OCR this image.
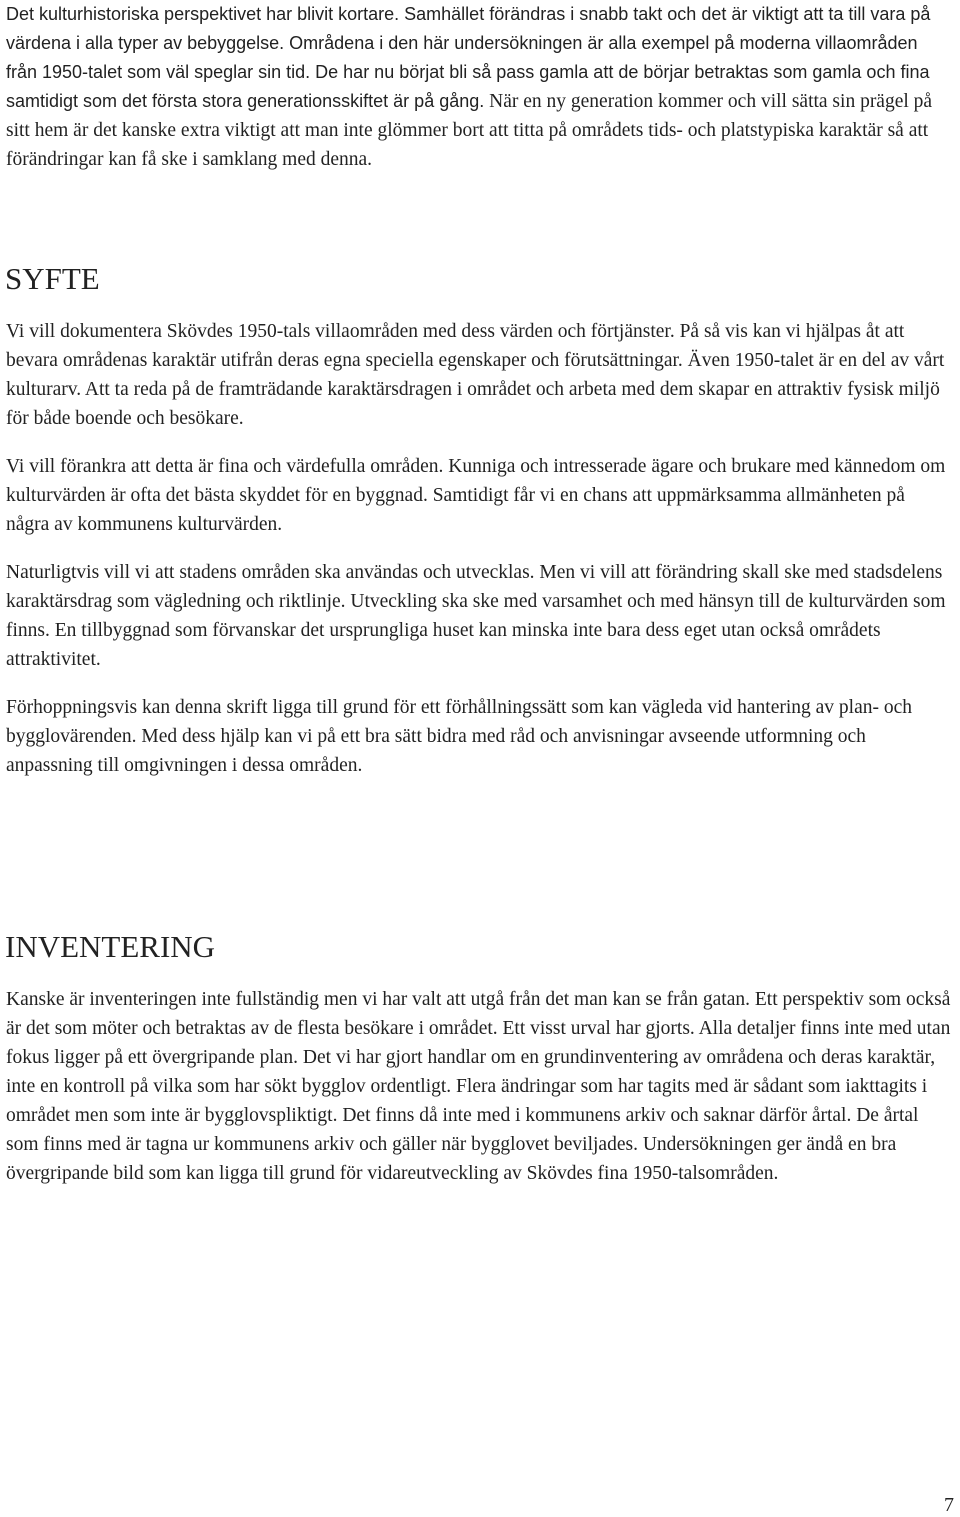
Det kulturhistoriska perspektivet har blivit kortare. Samhället förändras i snabb takt och det är viktigt att ta till vara på värdena i alla typer av bebyggelse. Områdena i den här undersökningen är alla exempel på moderna villaområden från 1950-talet som väl speglar sin tid. De har nu börjat bli så pass gamla att de börjar betraktas som gamla och fina samtidigt som det första stora generationsskiftet är på gång. När en ny generation kommer och vill sätta sin prägel på sitt hem är det kanske extra viktigt att man inte glömmer bort att titta på områdets tids- och platstypiska karaktär så att förändringar kan få ske i samklang med denna.

SYFTE

Vi vill dokumentera Skövdes 1950-tals villaområden med dess värden och förtjänster. På så vis kan vi hjälpas åt att bevara områdenas karaktär utifrån deras egna speciella egenskaper och förutsättningar. Även 1950-talet är en del av vårt kulturarv. Att ta reda på de framträdande karaktärsdragen i området och arbeta med dem skapar en attraktiv fysisk miljö för både boende och besökare.

Vi vill förankra att detta är fina och värdefulla områden. Kunniga och intresserade ägare och brukare med kännedom om kulturvärden är ofta det bästa skyddet för en byggnad. Samtidigt får vi en chans att uppmärksamma allmänheten på några av kommunens kulturvärden.

Naturligtvis vill vi att stadens områden ska användas och utvecklas. Men vi vill att förändring skall ske med stadsdelens karaktärsdrag som vägledning och riktlinje. Utveckling ska ske med varsamhet och med hänsyn till de kulturvärden som finns. En tillbyggnad som förvanskar det ursprungliga huset kan minska inte bara dess eget utan också områdets attraktivitet.

Förhoppningsvis kan denna skrift ligga till grund för ett förhållningssätt som kan vägleda vid hantering av plan- och bygglovärenden. Med dess hjälp kan vi på ett bra sätt bidra med råd och anvisningar avseende utformning och anpassning till omgivningen i dessa områden.

INVENTERING

Kanske är inventeringen inte fullständig men vi har valt att utgå från det man kan se från gatan. Ett perspektiv som också är det som möter och betraktas av de flesta besökare i området. Ett visst urval har gjorts. Alla detaljer finns inte med utan fokus ligger på ett övergripande plan. Det vi har gjort handlar om en grundinventering av områdena och deras karaktär, inte en kontroll på vilka som har sökt bygglov ordentligt. Flera ändringar som har tagits med är sådant som iakttagits i området men som inte är bygglovspliktigt. Det finns då inte med i kommunens arkiv och saknar därför årtal. De årtal som finns med är tagna ur kommunens arkiv och gäller när bygglovet beviljades. Undersökningen ger ändå en bra övergripande bild som kan ligga till grund för vidareutveckling av Skövdes fina 1950-talsområden.

7
